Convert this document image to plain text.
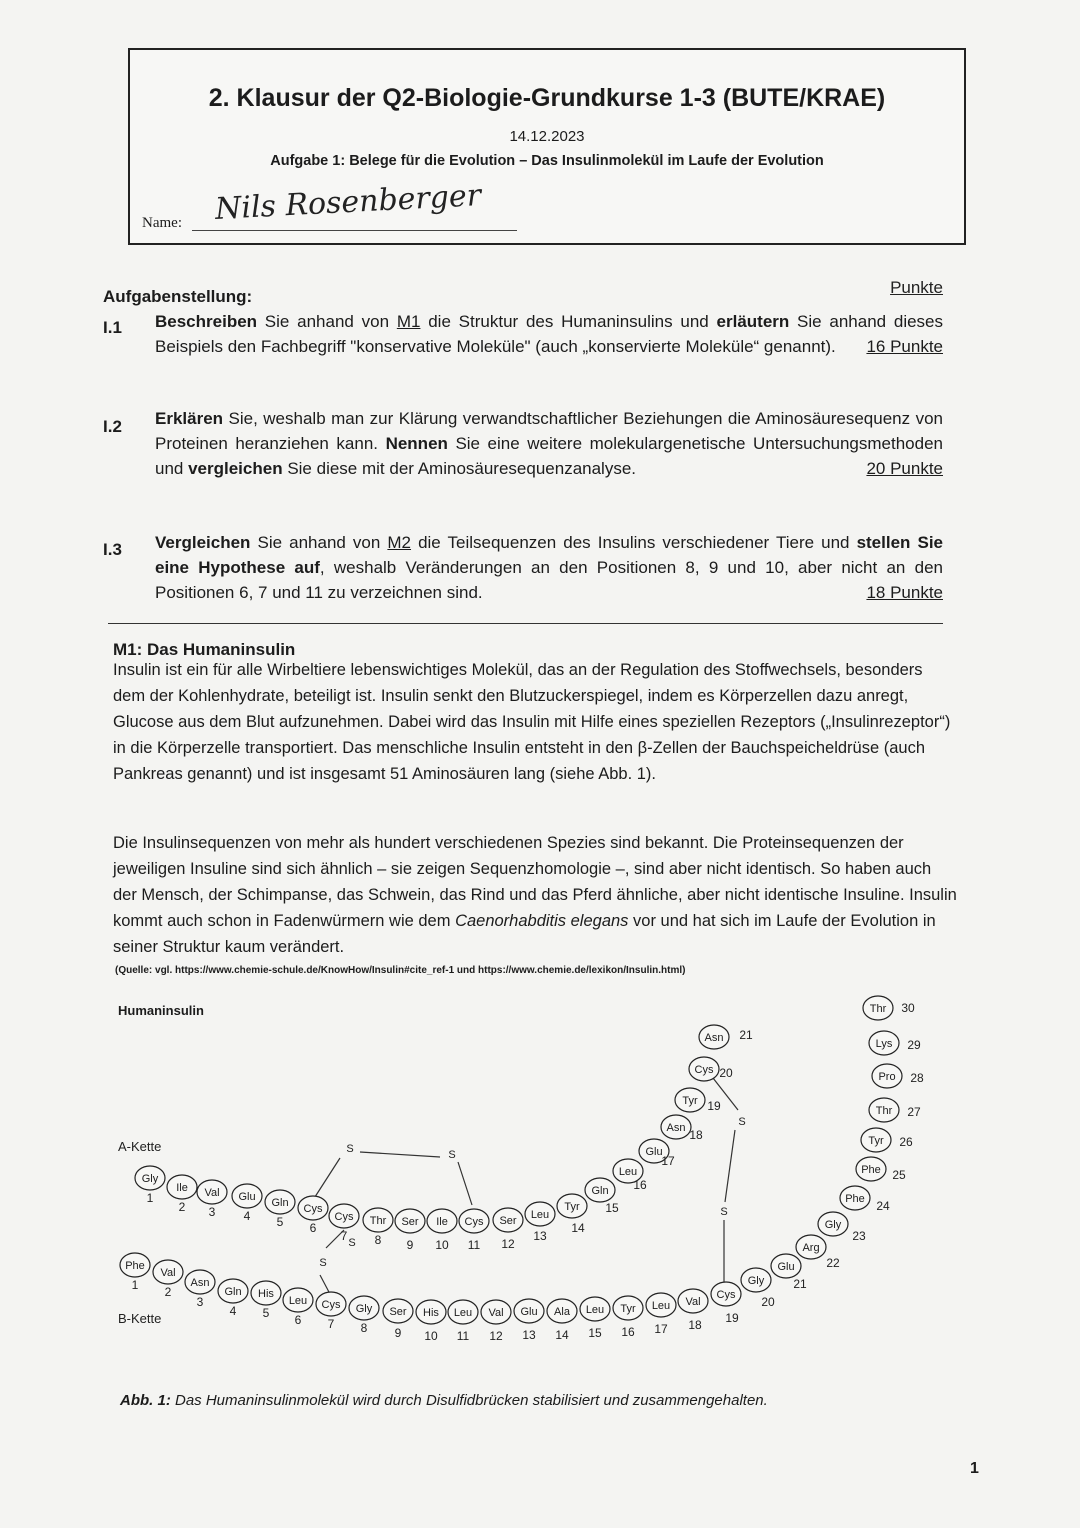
2. Klausur der Q2-Biologie-Grundkurse 1-3 (BUTE/KRAE)
14.12.2023
Aufgabe 1: Belege für die Evolution – Das Insulinmolekül im Laufe der Evolution
Name: Nils Rosenberger
Aufgabenstellung:	Punkte
I.1 Beschreiben Sie anhand von M1 die Struktur des Humaninsulins und erläutern Sie anhand dieses Beispiels den Fachbegriff "konservative Moleküle" (auch „konservierte Moleküle“ genannt). 16 Punkte
I.2 Erklären Sie, weshalb man zur Klärung verwandtschaftlicher Beziehungen die Aminosäuresequenz von Proteinen heranziehen kann. Nennen Sie eine weitere molekulargenetische Untersuchungsmethoden und vergleichen Sie diese mit der Aminosäuresequenzanalyse.	20 Punkte
I.3 Vergleichen Sie anhand von M2 die Teilsequenzen des Insulins verschiedener Tiere und stellen Sie eine Hypothese auf, weshalb Veränderungen an den Positionen 8, 9 und 10, aber nicht an den Positionen 6, 7 und 11 zu verzeichnen sind.	18 Punkte
M1: Das Humaninsulin
Insulin ist ein für alle Wirbeltiere lebenswichtiges Molekül, das an der Regulation des Stoffwechsels, besonders dem der Kohlenhydrate, beteiligt ist. Insulin senkt den Blutzuckerspiegel, indem es Körperzellen dazu anregt, Glucose aus dem Blut aufzunehmen. Dabei wird das Insulin mit Hilfe eines speziellen Rezeptors („Insulinrezeptor“) in die Körperzelle transportiert. Das menschliche Insulin entsteht in den β-Zellen der Bauchspeicheldrüse (auch Pankreas genannt) und ist insgesamt 51 Aminosäuren lang (siehe Abb. 1).
Die Insulinsequenzen von mehr als hundert verschiedenen Spezies sind bekannt. Die Proteinsequenzen der jeweiligen Insuline sind sich ähnlich – sie zeigen Sequenzhomologie –, sind aber nicht identisch. So haben auch der Mensch, der Schimpanse, das Schwein, das Rind und das Pferd ähnliche, aber nicht identische Insuline. Insulin kommt auch schon in Fadenwürmern wie dem Caenorhabditis elegans vor und hat sich im Laufe der Evolution in seiner Struktur kaum verändert.
(Quelle: vgl. https://www.chemie-schule.de/KnowHow/Insulin#cite_ref-1 und https://www.chemie.de/lexikon/Insulin.html)
Humaninsulin
S	S
S
S
S
S
Gly
1
Ile
2
Val
3
Glu
4
Gln
5
Cys
6
Cys
7
Thr
8
Ser
9
Ile
10
Cys
11
Ser
12
Leu
13
Tyr
14
Gln
15
Leu
16
Glu
17
Asn 18
Tyr 19
Cys 20
Asn 21
Phe
1
Val
2
Asn
3
Gln
4
His
5
Leu
6
Cys
7
Gly
8
Ser
9
His
10
Leu
11
Val
12
Glu
13
Ala
14
Leu
15
Tyr
16
Leu
17
Val
18
Cys
19
Gly
20
Glu
21
Arg
22
Gly
23
Phe 24
Phe 25
Tyr 26
Thr 27
Pro 28
Lys 29
Thr 30
A-Kette
B-Kette
Abb. 1: Das Humaninsulinmolekül wird durch Disulfidbrücken stabilisiert und zusammengehalten.
1
